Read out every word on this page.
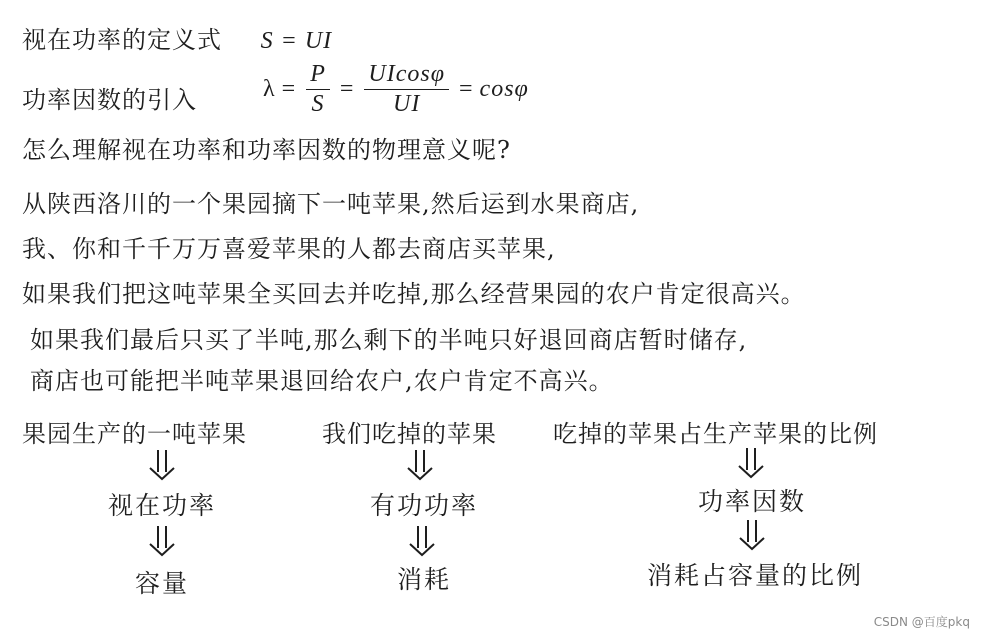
视在功率的定义式 S = UI
功率因数的引入	$\lambda = \frac{P}{S} = \frac{UIcos\varphi}{UI} = \cos\varphi$
怎么理解视在功率和功率因数的物理意义呢?
从陕西洛川的一个果园摘下一吨苹果,然后运到水果商店,
我、你和千千万万喜爱苹果的人都去商店买苹果,
如果我们把这吨苹果全买回去并吃掉,那么经营果园的农户肯定很高兴。
如果我们最后只买了半吨,那么剩下的半吨只好退回商店暂时储存,
商店也可能把半吨苹果退回给农户,农户肯定不高兴。
果园生产的一吨苹果	我们吃掉的苹果 吃掉的苹果占生产苹果的比例
视在功率	有功功率	功率因数
容量	消耗	消耗占容量的比例
CSDN @百度pkq
